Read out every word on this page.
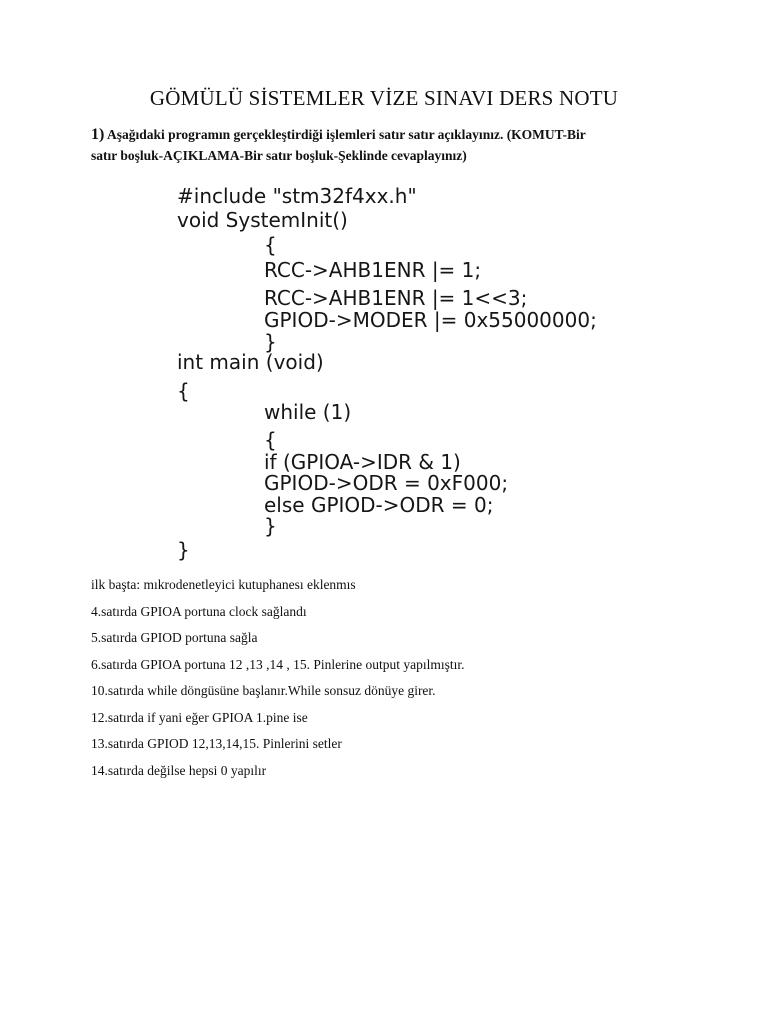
GÖMÜLÜ SİSTEMLER VİZE SINAVI DERS NOTU
1) Aşağıdaki programın gerçekleştirdiği işlemleri satır satır açıklayınız. (KOMUT-Bir
satır boşluk-AÇIKLAMA-Bir satır boşluk-Şeklinde cevaplayınız)
#include "stm32f4xx.h"
void SystemInit()
{
RCC->AHB1ENR |= 1;
RCC->AHB1ENR |= 1<<3;
GPIOD->MODER |= 0x55000000;
}
int main (void)
{
while (1)
{
if (GPIOA->IDR & 1)
GPIOD->ODR = 0xF000;
else GPIOD->ODR = 0;
}
}
ilk başta: mıkrodenetleyici kutuphanesı eklenmıs
4.satırda GPIOA portuna clock sağlandı
5.satırda GPIOD portuna sağla
6.satırda GPIOA portuna 12 ,13 ,14 , 15. Pinlerine output yapılmıştır.
10.satırda while döngüsüne başlanır.While sonsuz dönüye girer.
12.satırda if yani eğer GPIOA 1.pine ise
13.satırda GPIOD 12,13,14,15. Pinlerini setler
14.satırda değilse hepsi 0 yapılır
